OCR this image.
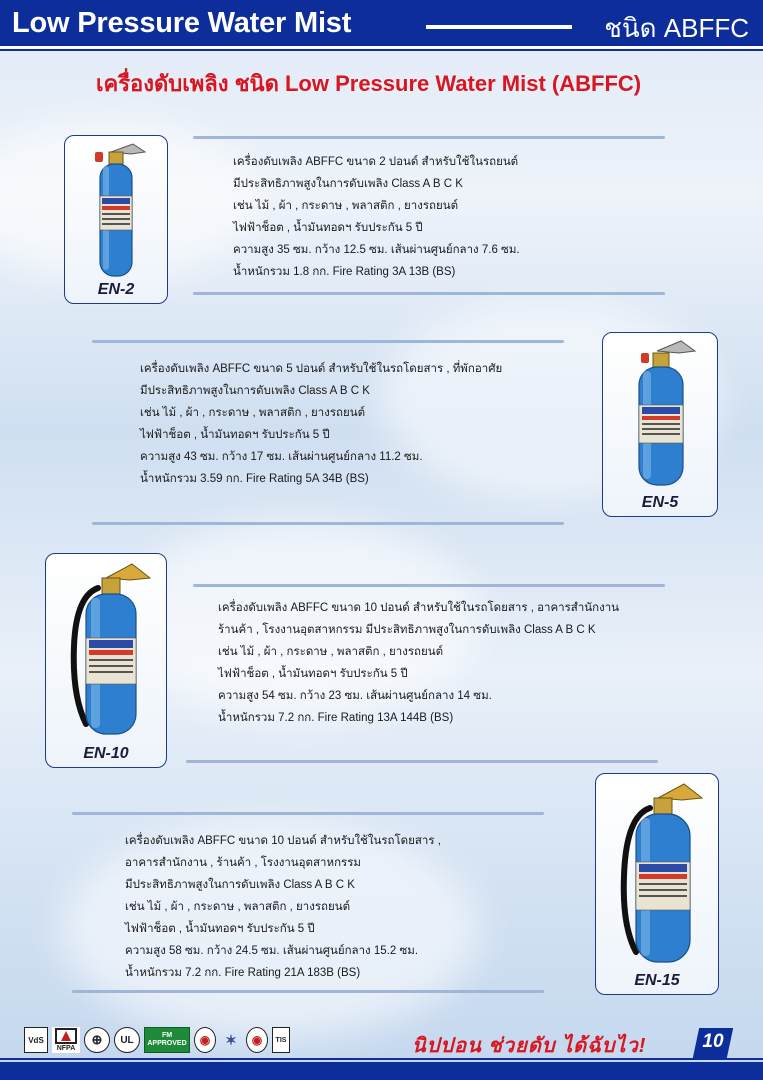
Low Pressure Water Mist	ชนิด ABFFC
เครื่องดับเพลิง ชนิด Low Pressure Water Mist (ABFFC)
EN-2
เครื่องดับเพลิง ABFFC ขนาด 2 ปอนด์ สำหรับใช้ในรถยนต์
มีประสิทธิภาพสูงในการดับเพลิง Class A B C K
เช่น ไม้ , ผ้า , กระดาษ , พลาสติก , ยางรถยนต์
ไฟฟ้าช็อต , น้ำมันทอดฯ รับประกัน 5 ปี
ความสูง 35 ซม. กว้าง 12.5 ซม. เส้นผ่านศูนย์กลาง 7.6 ซม.
น้ำหนักรวม 1.8 กก. Fire Rating 3A 13B (BS)
EN-5
เครื่องดับเพลิง ABFFC ขนาด 5 ปอนด์ สำหรับใช้ในรถโดยสาร , ที่พักอาศัย
มีประสิทธิภาพสูงในการดับเพลิง Class A B C K
เช่น ไม้ , ผ้า , กระดาษ , พลาสติก , ยางรถยนต์
ไฟฟ้าช็อต , น้ำมันทอดฯ รับประกัน 5 ปี
ความสูง 43 ซม. กว้าง 17 ซม. เส้นผ่านศูนย์กลาง 11.2 ซม.
น้ำหนักรวม 3.59 กก. Fire Rating 5A 34B (BS)
EN-10
เครื่องดับเพลิง ABFFC ขนาด 10 ปอนด์ สำหรับใช้ในรถโดยสาร , อาคารสำนักงาน
ร้านค้า , โรงงานอุตสาหกรรม มีประสิทธิภาพสูงในการดับเพลิง Class A B C K
เช่น ไม้ , ผ้า , กระดาษ , พลาสติก , ยางรถยนต์
ไฟฟ้าช็อต , น้ำมันทอดฯ รับประกัน 5 ปี
ความสูง 54 ซม. กว้าง 23 ซม. เส้นผ่านศูนย์กลาง 14 ซม.
น้ำหนักรวม 7.2 กก. Fire Rating 13A 144B (BS)
EN-15
เครื่องดับเพลิง ABFFC ขนาด 10 ปอนด์ สำหรับใช้ในรถโดยสาร ,
อาคารสำนักงาน , ร้านค้า , โรงงานอุตสาหกรรม
มีประสิทธิภาพสูงในการดับเพลิง Class A B C K
เช่น ไม้ , ผ้า , กระดาษ , พลาสติก , ยางรถยนต์
ไฟฟ้าช็อต , น้ำมันทอดฯ รับประกัน 5 ปี
ความสูง 58 ซม. กว้าง 24.5 ซม. เส้นผ่านศูนย์กลาง 15.2 ซม.
น้ำหนักรวม 7.2 กก. Fire Rating 21A 183B (BS)
VdS
NFPA
⊕	UL	FM APPROVED	◉	✶	◉	TIS	นิปปอน ช่วยดับ ได้ฉับไว!	10
